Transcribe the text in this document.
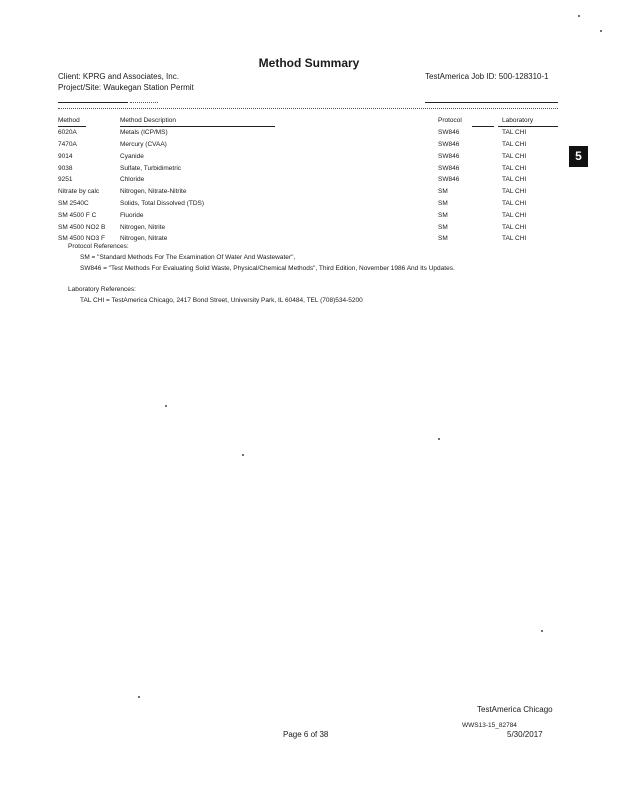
Method Summary
Client: KPRG and Associates, Inc.
Project/Site: Waukegan Station Permit
TestAmerica Job ID: 500-128310-1
Method	Method Description	Protocol	Laboratory
6020A	Metals (ICP/MS)	SW846	TAL CHI
7470A	Mercury (CVAA)	SW846	TAL CHI
9014	Cyanide	SW846	TAL CHI
9038	Sulfate, Turbidimetric	SW846	TAL CHI
9251	Chloride	SW846	TAL CHI
Nitrate by calc	Nitrogen, Nitrate-Nitrite	SM	TAL CHI
SM 2540C	Solids, Total Dissolved (TDS)	SM	TAL CHI
SM 4500 F C	Fluoride	SM	TAL CHI
SM 4500 NO2 B	Nitrogen, Nitrite	SM	TAL CHI
SM 4500 NO3 F	Nitrogen, Nitrate	SM	TAL CHI
5
Protocol References:
SM = "Standard Methods For The Examination Of Water And Wastewater",
SW846 = "Test Methods For Evaluating Solid Waste, Physical/Chemical Methods", Third Edition, November 1986 And Its Updates.
Laboratory References:
TAL CHI = TestAmerica Chicago, 2417 Bond Street, University Park, IL 60484, TEL (708)534-5200
TestAmerica Chicago
WWS13-15_82784
Page 6 of 38	5/30/2017
